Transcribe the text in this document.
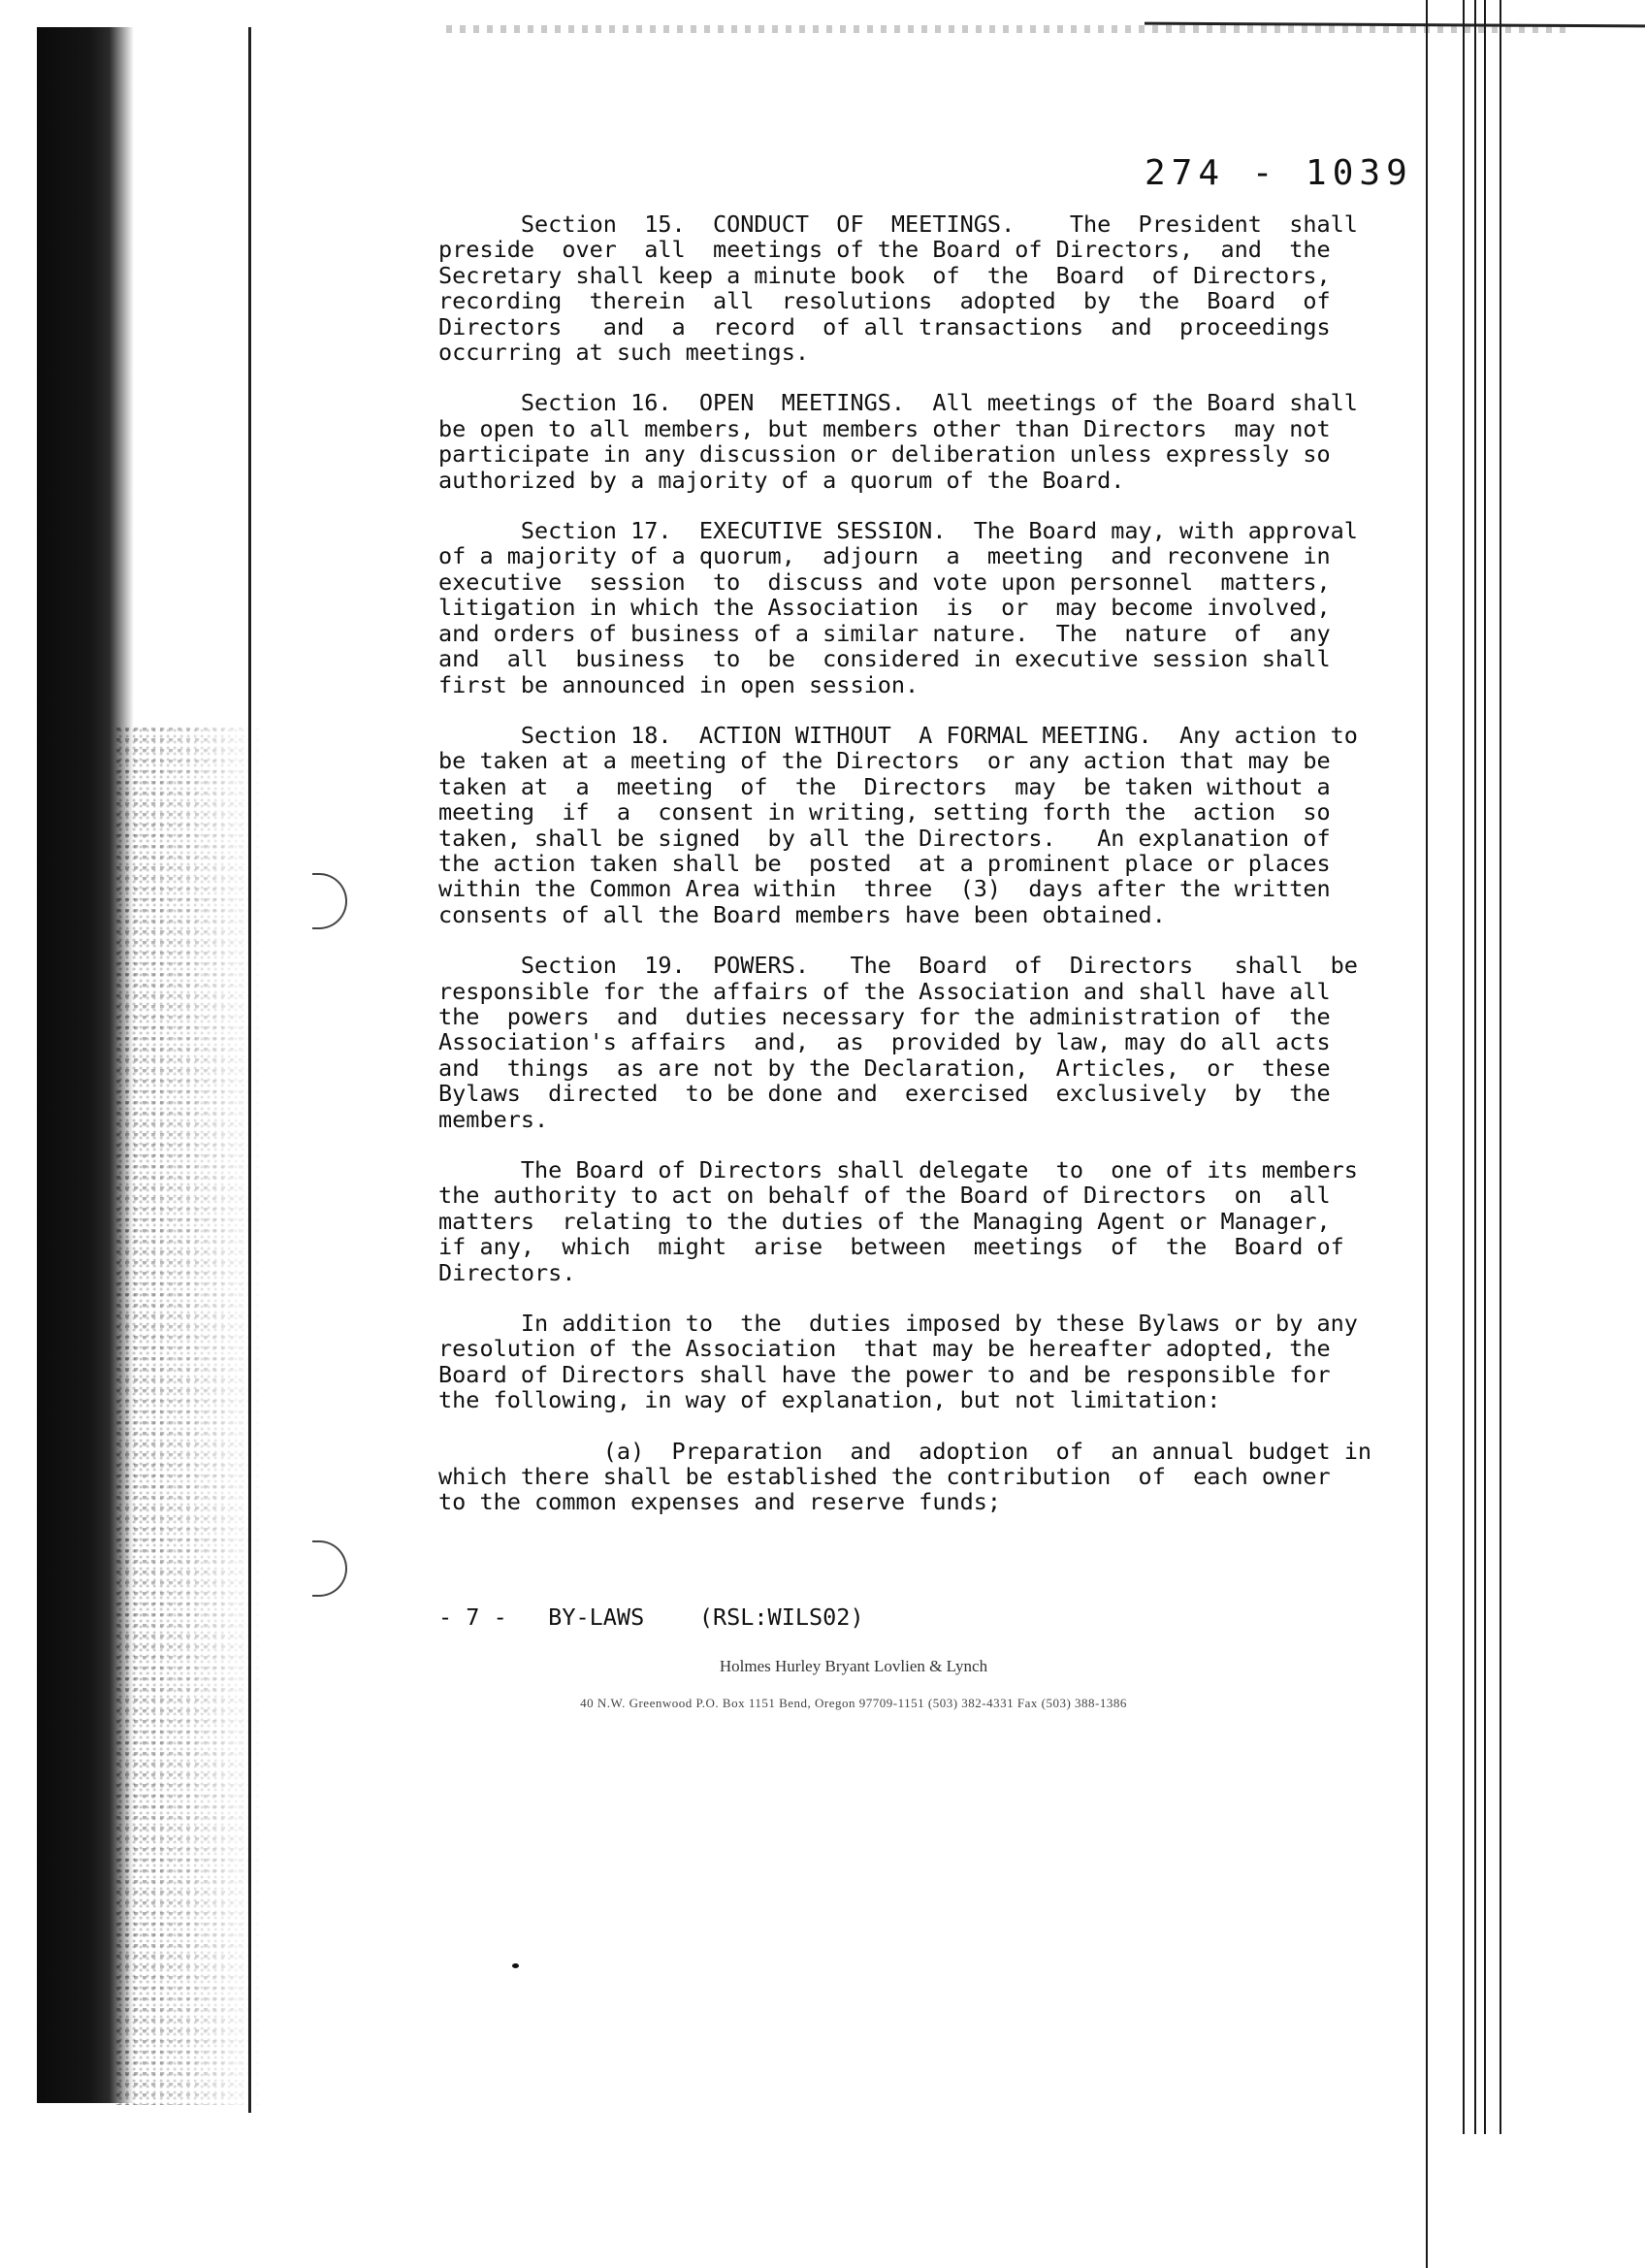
274 - 1039

Section  15.  CONDUCT  OF  MEETINGS.    The  President  shall
preside  over  all  meetings of the Board of Directors,  and  the
Secretary shall keep a minute book  of  the  Board  of Directors,
recording  therein  all  resolutions  adopted  by  the  Board  of
Directors   and  a  record  of all transactions  and  proceedings
occurring at such meetings.

Section 16.  OPEN  MEETINGS.  All meetings of the Board shall
be open to all members, but members other than Directors  may not
participate in any discussion or deliberation unless expressly so
authorized by a majority of a quorum of the Board.

Section 17.  EXECUTIVE SESSION.  The Board may, with approval
of a majority of a quorum,  adjourn  a  meeting  and reconvene in
executive  session  to  discuss and vote upon personnel  matters,
litigation in which the Association  is  or  may become involved,
and orders of business of a similar nature.  The  nature  of  any
and  all  business  to  be  considered in executive session shall
first be announced in open session.

Section 18.  ACTION WITHOUT  A FORMAL MEETING.  Any action to
be taken at a meeting of the Directors  or any action that may be
taken at  a  meeting  of  the  Directors  may  be taken without a
meeting  if  a  consent in writing, setting forth the  action  so
taken, shall be signed  by all the Directors.   An explanation of
the action taken shall be  posted  at a prominent place or places
within the Common Area within  three  (3)  days after the written
consents of all the Board members have been obtained.

Section  19.  POWERS.   The  Board  of  Directors   shall  be
responsible for the affairs of the Association and shall have all
the  powers  and  duties necessary for the administration of  the
Association's affairs  and,  as  provided by law, may do all acts
and  things  as are not by the Declaration,  Articles,  or  these
Bylaws  directed  to be done and  exercised  exclusively  by  the
members.

The Board of Directors shall delegate  to  one of its members
the authority to act on behalf of the Board of Directors  on  all
matters  relating to the duties of the Managing Agent or Manager,
if any,  which  might  arise  between  meetings  of  the  Board of
Directors.

In addition to  the  duties imposed by these Bylaws or by any
resolution of the Association  that may be hereafter adopted, the
Board of Directors shall have the power to and be responsible for
the following, in way of explanation, but not limitation:

(a)  Preparation  and  adoption  of  an annual budget in
which there shall be established the contribution  of  each owner
to the common expenses and reserve funds;

- 7 -   BY-LAWS    (RSL:WILS02)
Holmes Hurley Bryant Lovlien & Lynch
40 N.W. Greenwood P.O. Box 1151 Bend, Oregon 97709-1151 (503) 382-4331 Fax (503) 388-1386
